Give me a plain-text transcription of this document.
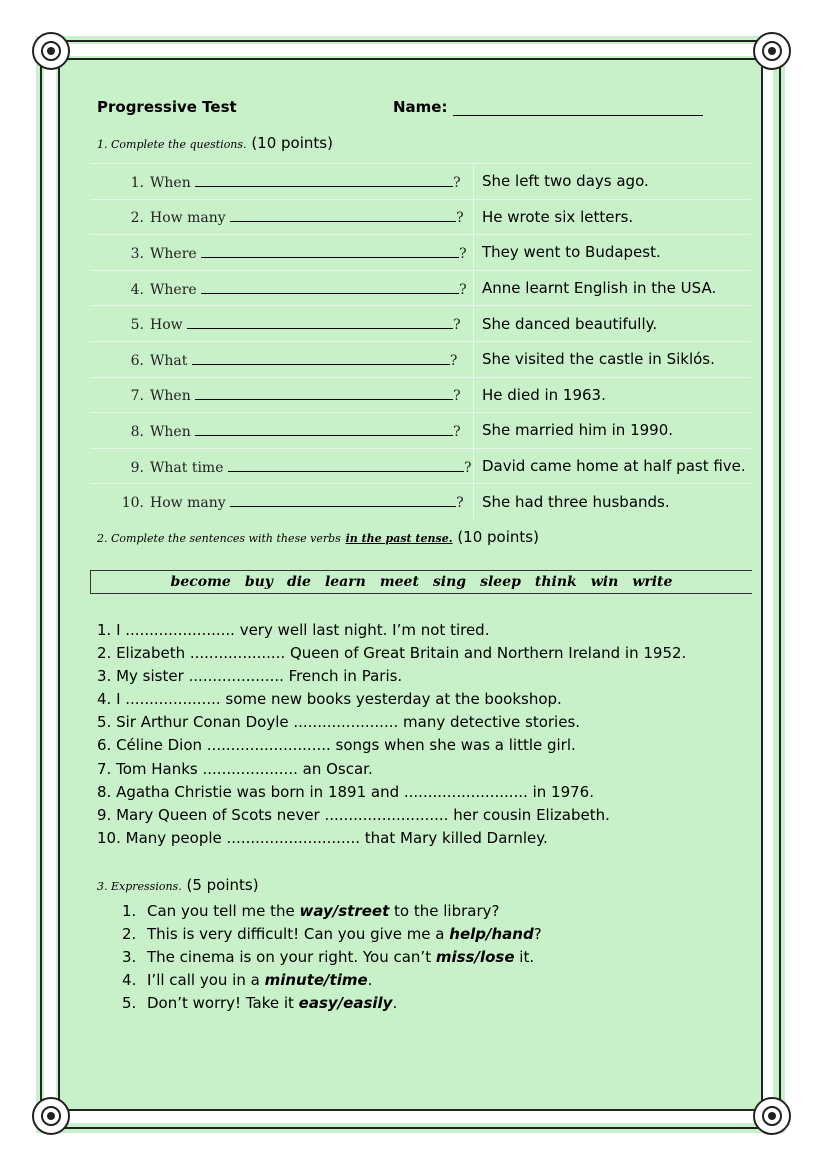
Progressive Test	Name:
1. Complete the questions. (10 points)
1. When ?	She left two days ago.
2. How many ?	He wrote six letters.
3. Where ?	They went to Budapest.
4. Where ?	Anne learnt English in the USA.
5. How ?	She danced beautifully.
6. What ?	She visited the castle in Siklós.
7. When ?	He died in 1963.
8. When ?	She married him in 1990.
9. What time ?	David came home at half past five.
10. How many ?	She had three husbands.
2. Complete the sentences with these verbs in the past tense. (10 points)
become buy die learn meet sing sleep think win write
1. I ....................... very well last night. I’m not tired.
2. Elizabeth .................... Queen of Great Britain and Northern Ireland in 1952.
3. My sister .................... French in Paris.
4. I .................... some new books yesterday at the bookshop.
5. Sir Arthur Conan Doyle ...................... many detective stories.
6. Céline Dion .......................... songs when she was a little girl.
7. Tom Hanks .................... an Oscar.
8. Agatha Christie was born in 1891 and .......................... in 1976.
9. Mary Queen of Scots never .......................... her cousin Elizabeth.
10. Many people ............................ that Mary killed Darnley.
3. Expressions. (5 points)
1. Can you tell me the way/street to the library?
2. This is very difficult! Can you give me a help/hand?
3. The cinema is on your right. You can’t miss/lose it.
4. I’ll call you in a minute/time.
5. Don’t worry! Take it easy/easily.
